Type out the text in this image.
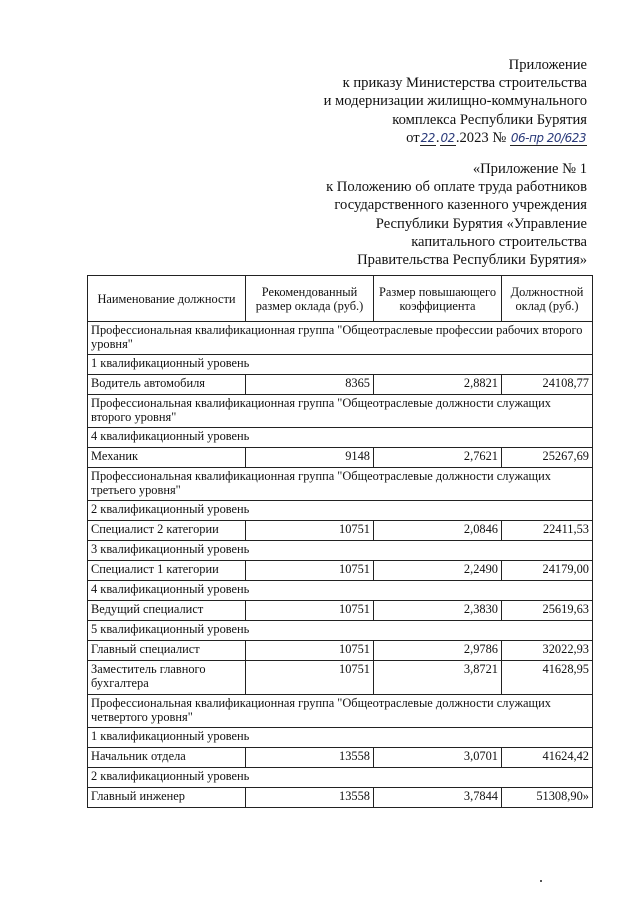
Приложение
к приказу Министерства строительства
и модернизации жилищно-коммунального
комплекса Республики Бурятия
от22.02.2023 № 06-пр 20/623
«Приложение № 1
к Положению об оплате труда работников
государственного казенного учреждения
Республики Бурятия «Управление
капитального строительства
Правительства Республики Бурятия»
Наименование должности	Рекомендованный размер оклада (руб.)	Размер повышающего коэффициента	Должностной оклад (руб.)
Профессиональная квалификационная группа "Общеотраслевые профессии рабочих второго уровня"			
1 квалификационный уровень			
Водитель автомобиля	8365	2,8821	24108,77
Профессиональная квалификационная группа "Общеотраслевые должности служащих второго уровня"			
4 квалификационный уровень			
Механик	9148	2,7621	25267,69
Профессиональная квалификационная группа "Общеотраслевые должности служащих третьего уровня"			
2 квалификационный уровень			
Специалист 2 категории	10751	2,0846	22411,53
3 квалификационный уровень			
Специалист 1 категории	10751	2,2490	24179,00
4 квалификационный уровень			
Ведущий специалист	10751	2,3830	25619,63
5 квалификационный уровень			
Главный специалист	10751	2,9786	32022,93
Заместитель главного бухгалтера	10751	3,8721	41628,95
Профессиональная квалификационная группа "Общеотраслевые должности служащих четвертого уровня"			
1 квалификационный уровень			
Начальник отдела	13558	3,0701	41624,42
2 квалификационный уровень			
Главный инженер	13558	3,7844	51308,90»
